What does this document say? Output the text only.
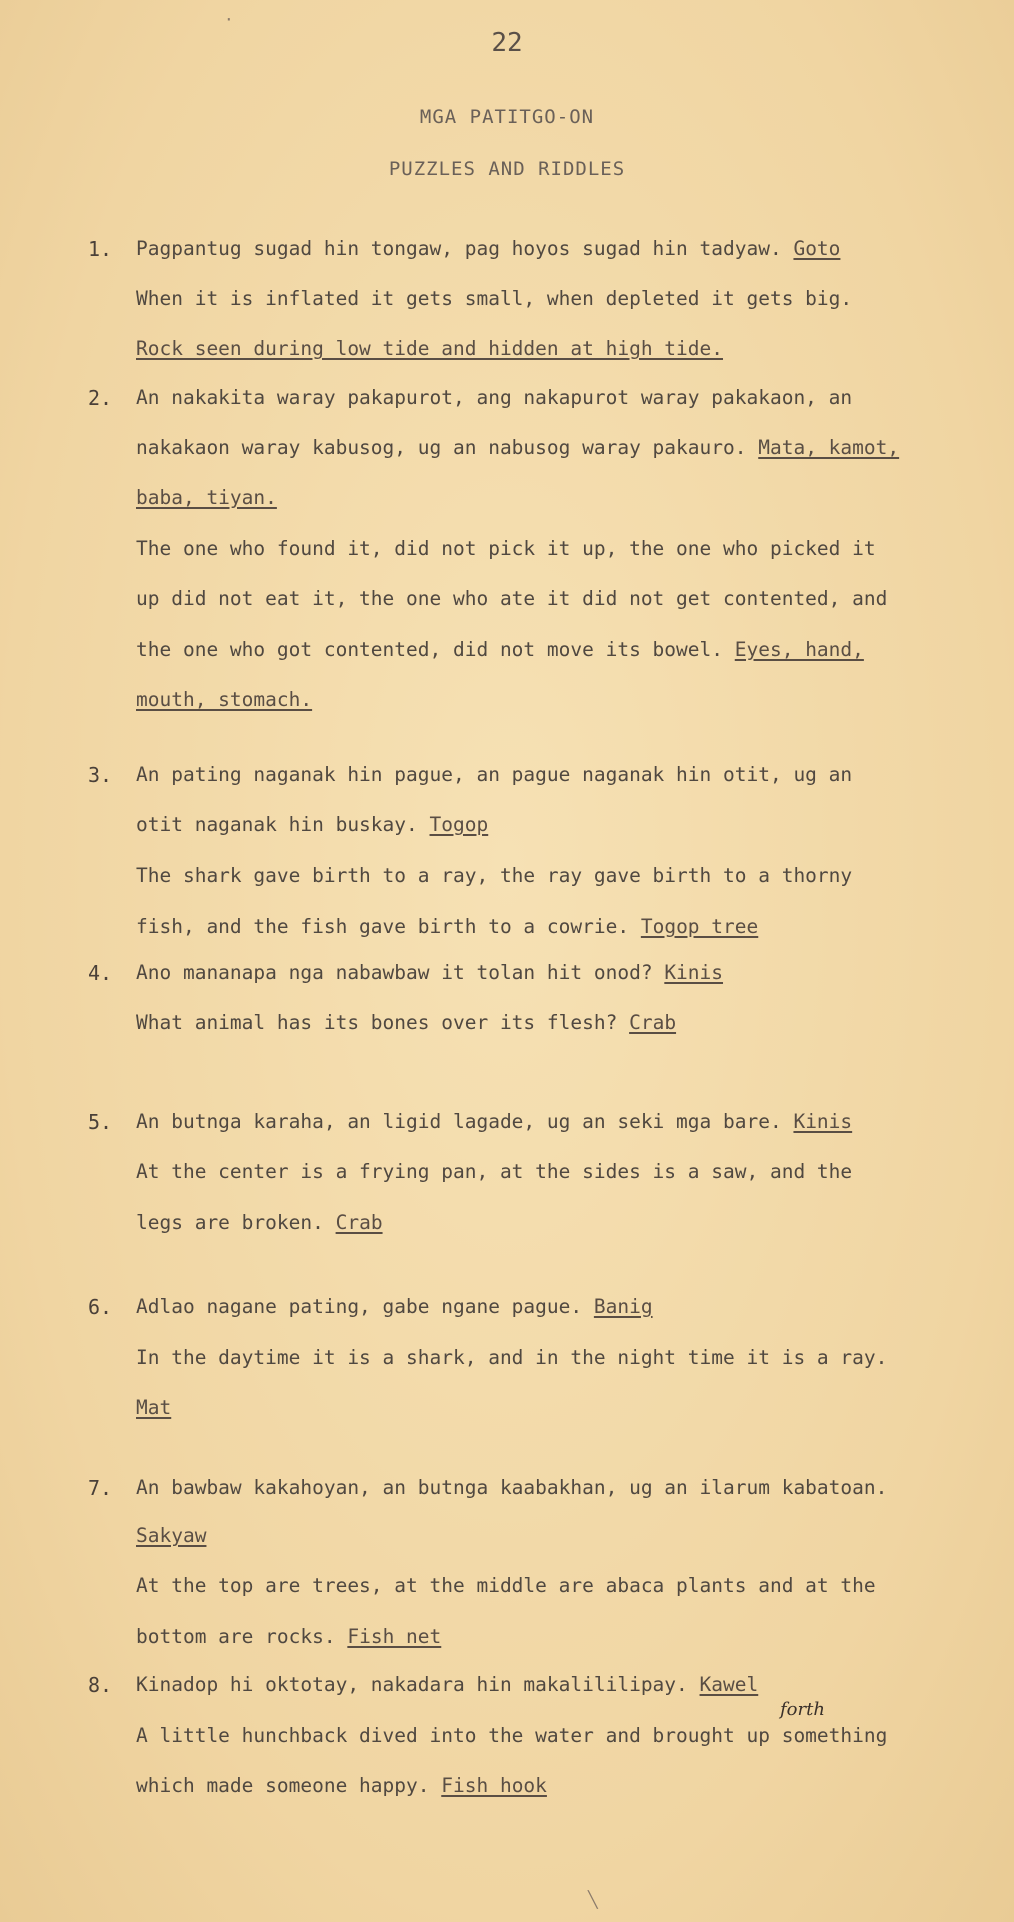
22
MGA PATITGO-ON
PUZZLES AND RIDDLES
1. Pagpantug sugad hin tongaw, pag hoyos sugad hin tadyaw. Goto
When it is inflated it gets small, when depleted it gets big.
Rock seen during low tide and hidden at high tide.
2. An nakakita waray pakapurot, ang nakapurot waray pakakaon, an
nakakaon waray kabusog, ug an nabusog waray pakauro. Mata, kamot,
baba, tiyan.
The one who found it, did not pick it up, the one who picked it
up did not eat it, the one who ate it did not get contented, and
the one who got contented, did not move its bowel. Eyes, hand,
mouth, stomach.
3. An pating naganak hin pague, an pague naganak hin otit, ug an
otit naganak hin buskay. Togop
The shark gave birth to a ray, the ray gave birth to a thorny
fish, and the fish gave birth to a cowrie. Togop tree
4. Ano mananapa nga nabawbaw it tolan hit onod? Kinis
What animal has its bones over its flesh? Crab
5. An butnga karaha, an ligid lagade, ug an seki mga bare. Kinis
At the center is a frying pan, at the sides is a saw, and the
legs are broken. Crab
6. Adlao nagane pating, gabe ngane pague. Banig
In the daytime it is a shark, and in the night time it is a ray.
Mat
7. An bawbaw kakahoyan, an butnga kaabakhan, ug an ilarum kabatoan.
Sakyaw
At the top are trees, at the middle are abaca plants and at the
bottom are rocks. Fish net
8. Kinadop hi oktotay, nakadara hin makalililipay. Kawel
forth
A little hunchback dived into the water and brought up something
which made someone happy. Fish hook
·
╲
